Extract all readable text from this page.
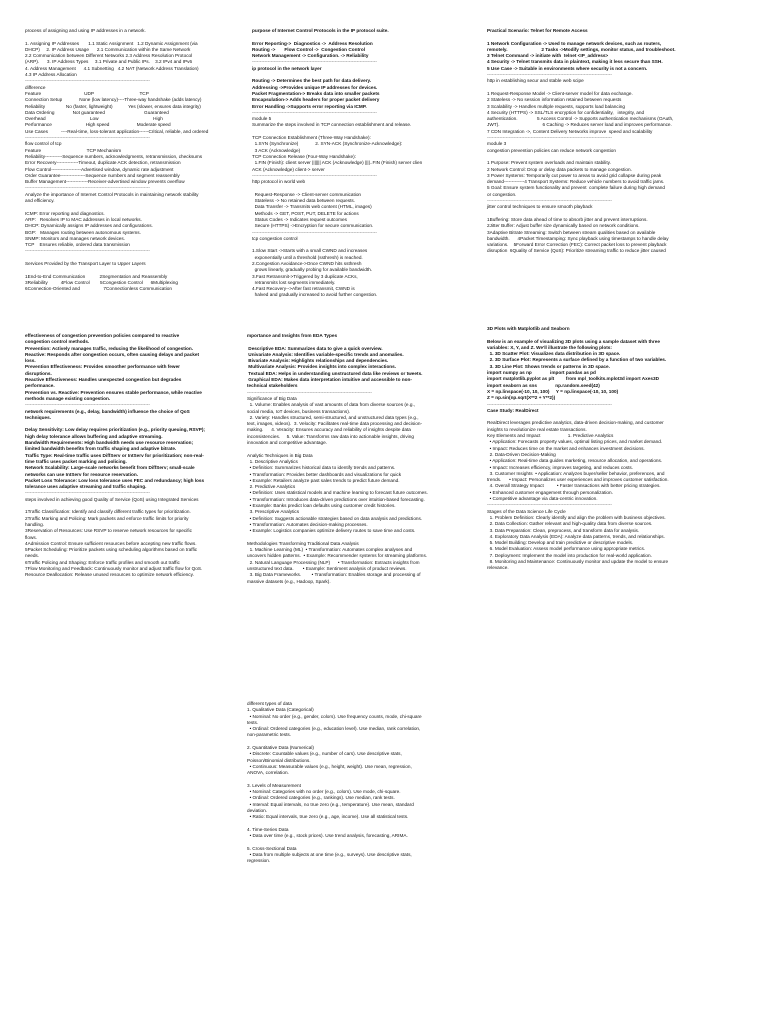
process of assigning and using IP addresses in a network.
1. Assigning IP Addresses       1.1 Static Assignment   1.2 Dynamic Assignment (via
DHCP)     2. IP Address Usage      2.1 Communication within the Same Network
2.2 Communication between Different Networks 2.3 Address Resolution Protocol
(ARP).      3. IP Address Types     3.1 Private and Public IPs.    3.2 IPv4 and IPv6
4. Address Management      4.1 Subnetting   4.2 NAT (Network Address Translation)
4.3 IP Address Allocation
--------------------------------------------------------------------------------
difference
Feature                                 UDP                                   TCP
Connection Setup             None (low latency)----Three-way handshake (adds latency)
Reliability                No (faster, lightweight)            Yes (slower, ensures data integrity)
Data Ordering              Not guaranteed                              Guaranteed
Overhead                                  Low                                          High
Performance                          High speed                     Moderate speed
Use Cases          ----Real-time, loss-tolerant application------Critical, reliable, and ordered
--------------------------------------------------------------------------------
flow control of tcp
Feature                                   TCP Mechanism
Reliability-----------Sequence numbers, acknowledgments, retransmission, checksums
Error Recovery--------------Timeout, duplicate ACK detection, retransmission
Flow Control-------------------Advertised window, dynamic rate adjustment
Order Guarantee----------------Sequence numbers and segment reassembly
Buffer Management--------------Receiver-advertised window prevents overflow
--------------------------------------------------------------------------------
Analyze the importance of Internet Control Protocols in maintaining network stability
and efficiency.
ICMP: Error reporting and diagnostics.
ARP:   Resolves IP to MAC addresses in local networks.
DHCP: Dynamically assigns IP addresses and configurations.
BGP:   Manages routing between autonomous systems.
SNMP: Monitors and manages network devices.
TCP    Ensures reliable, ordered data transmission
--------------------------------------------------------------------------------
Services Provided by the Transport Layer to Upper Layers
1End-to-End Communication           2Segmentation and Reassembly
3Reliability          4Flow Control        5Congestion Control      6Multiplexing
6Connection-Oriented and                  7Connectionless Communication
purpose of Internet Control Protocols in the IP protocol suite.
Error Reporting->  Diagnostics ->  Address Resolution
Routing ->       Flow Control ->  Congestion Control
Network Management -> Configuration. -> Reliability
--------------------------------------------------------------------------------
ip protocol in the network layer
Routing -> Determines the best path for data delivery.
Addressing ->Provides unique IP addresses for devices.
Packet Fragmentation-> Breaks data into smaller packets
Encapsulation-> Adds headers for proper packet delivery
Error Handling ->Supports error reporting via ICMP.
--------------------------------------------------------------------------------
module 5
Summarize the steps involved in TCP connection establishment and release.
TCP Connection Establishment (Three-Way Handshake):
1.SYN (Synchronize)             2. SYN-ACK (Synchronize-Acknowledge):
3 ACK (Acknowledge)
TCP Connection Release (Four-Way Handshake):
1.FIN (Finish): client server ||||||| ACK (Acknowledge) ||||..FIN (Finish) server clien
ACK (Acknowledge) client-> server
--------------------------------------------------------------------------------
http protocol in world web
Request-Response -> Client-server communication
Stateless -> No retained data between requests.
Data Transfer -> Transmits web content (HTML, images)
Methods -> GET, POST, PUT, DELETE for actions
Status Codes -> Indicates request outcomes
Secure (HTTPS) ->Encryption for secure communication.
--------------------------------------------------------------------------------
tcp congestion control
1.Slow Start ->Starts with a small CWND and increases
exponentially until a threshold (ssthresh) is reached.
2.Congestion Avoidance->Once CWND hits ssthresh
grows linearly, gradually probing for available bandwidth.
3.Fast Retransmit->Triggered by 3 duplicate ACKs,
retransmits lost segments immediately.
4.Fast Recovery-->After fast retransmit, CWND is
halved and gradually increased to avoid further congestion.
Practical Scenario: Telnet for Remote Access
1 Network Configuration -> Used to manage network devices, such as routers,
remotely.                          2 Tasks ->Modify settings, monitor status, and troubleshoot.
3 Telnet Command -> initiate with  telnet <IP_address>
4 Security -> Telnet transmits data in plaintext, making it less secure than SSH.
5 Use Case -> Suitable in environments where security is not a concern.
--------------------------------------------------------------------------------
http in establishing secur and stable web scipe
1 Request-Response Model -> Client-server model for data exchange.
2 Stateless -> No session information retained between requests
3 Scalability -> Handles multiple requests, supports load balancing
4 Security (HTTPS) -> SSL/TLS encryption for confidentiality,   integrity, and
authentication.               5 Access Control -> Supports authentication mechanisms (OAuth,
JWT).                                 6 Caching -> Reduces server load and improves performance.
7 CDN Integration ->, Content Delivery Networks improve  speed and scalability
--------------------------------------------------------------------------------
module 3
congestion prevention policies can reduce network congestion
1 Purpose: Prevent system overloads and maintain stability.
2 Network Control: Drop or delay data packets to manage congestion.
3 Power Systems: Temporarily cut power to areas to avoid grid collapse during peak
demand-------------4 Transport Systems: Reduce vehicle numbers to avoid traffic jams.
5 Goal: Ensure system functionality and prevent  complete failure during high demand
or congestion.
--------------------------------------------------------------------------------
jitter control techniques to ensure smooth playback
1Buffering: Store data ahead of time to absorb jitter and prevent interruptions.
2Jitter Buffer: Adjust buffer size dynamically based on network conditions.
3Adaptive Bitrate Streaming: Switch between stream qualities based on available
bandwidth.      4Packet Timestamping: Sync playback using timestamps to handle delay
variations.    5Forward Error Correction (FEC): Correct packet loss to prevent playback
disruption  6Quality of Service (QoS): Prioritize streaming traffic to reduce jitter caused
effectiveness of congestion prevention policies compared to reactive
congestion control methods.
Prevention: Actively manages traffic, reducing the likelihood of congestion.
Reactive: Responds after congestion occurs, often causing delays and packet
loss.
Prevention Effectiveness: Provides smoother performance with fewer
disruptions.
Reactive Effectiveness: Handles unexpected congestion but degrades
performance.
Prevention vs. Reactive: Prevention ensures stable performance, while reactive
methods manage existing congestion.
--------------------------------------------------------------------------------
network requirements (e.g., delay, bandwidth) influence the choice of QoS
techniques.
Delay Sensitivity: Low delay requires prioritization (e.g., priority queuing, RSVP);
high delay tolerance allows buffering and adaptive streaming.
Bandwidth Requirements: High bandwidth needs use resource reservation;
limited bandwidth benefits from traffic shaping and adaptive bitrate.
Traffic Type: Real-time traffic uses DiffServ or IntServ for prioritization; non-real-
time traffic uses packet marking and policing.
Network Scalability: Large-scale networks benefit from DiffServ; small-scale
networks can use IntServ for resource reservation.
Packet Loss Tolerance: Low loss tolerance uses FEC and redundancy; high loss
tolerance uses adaptive streaming and traffic shaping.
--------------------------------------------------------------------------------
steps involved in achieving good Quality of Service (QoS) using Integrated Services
1Traffic Classification: Identify and classify different traffic types for prioritization.
2Traffic Marking and Policing: Mark packets and enforce traffic limits for priority
handling.
3Reservation of Resources: Use RSVP to reserve network resources for specific
flows.
4Admission Control: Ensure sufficient resources before accepting new traffic flows.
5Packet Scheduling: Prioritize packets using scheduling algorithms based on traffic
needs.
6Traffic Policing and Shaping: Enforce traffic profiles and smooth out traffic
7Flow Monitoring and Feedback: Continuously monitor and adjust traffic flow for QoS.
Resource Deallocation: Release unused resources to optimize network efficiency.
mportance and Insights from EDA Types
Descriptive EDA: Summarizes data to give a quick overview.
Univariate Analysis: Identifies variable-specific trends and anomalies.
Bivariate Analysis: Highlights relationships and dependencies.
Multivariate Analysis: Provides insights into complex interactions.
Textual EDA: Helps in understanding unstructured data like reviews or tweets.
Graphical EDA: Makes data interpretation intuitive and accessible to non-
technical stakeholders
--------------------------------------------------------------------------------
Significance of Big Data
1. Volume: Enables analysis of vast amounts of data from diverse sources (e.g.,
social media, IoT devices, business transactions).
2. Variety: Handles structured, semi-structured, and unstructured data types (e.g.,
text, images, videos).  3. Velocity: Facilitates real-time data processing and decision-
making.      4. Veracity: Ensures accuracy and reliability of insights despite data
inconsistencies.     5. Value: Transforms raw data into actionable insights, driving
innovation and competitive advantage.
Analytic Techniques in Big Data
1. Descriptive Analytics
• Definition: Summarizes historical data to identify trends and patterns.
• Transformation: Provides better dashboards and visualizations for quick
• Example: Retailers analyze past sales trends to predict future demand.
2. Predictive Analytics
• Definition: Uses statistical models and machine learning to forecast future outcomes.
• Transformation: Introduces data-driven predictions over intuition-based forecasting.
• Example: Banks predict loan defaults using customer credit histories.
3. Prescriptive Analytics
• Definition: Suggests actionable strategies based on data analysis and predictions.
• Transformation: Automates decision-making processes.
• Example: Logistics companies optimize delivery routes to save time and costs.
Methodologies Transforming Traditional Data Analysis
1. Machine Learning (ML)  • Transformation: Automates complex analyses and
uncovers hidden patterns.  • Example: Recommender systems for streaming platforms.
2. Natural Language Processing (NLP)      • Transformation: Extracts insights from
unstructured text data.       • Example: Sentiment analysis of product reviews.
3. Big Data Frameworks.        • Transformation: Enables storage and processing of
massive datasets (e.g., Hadoop, Spark).
3D Plots with Matplotlib and Seaborn
Below is an example of visualizing 3D plots using a sample dataset with three
variables: X, Y, and Z. We'll illustrate the following plots:
1. 3D Scatter Plot: Visualizes data distribution in 3D space.
2. 3D Surface Plot: Represents a surface defined by a function of two variables.
3. 3D Line Plot: Shows trends or patterns in 3D space.
import numpy as np              import pandas as pd
import matplotlib.pyplot as plt         from mpl_toolkits.mplot3d import Axes3D
import seaborn as sns              np.random.seed(42)
X = np.linspace(-10, 10, 100)     Y = np.linspace(-10, 10, 100)
Z = np.sin(np.sqrt(X**2 + Y**2))
--------------------------------------------------------------------------------
Case Study: RealDirect
RealDirect leverages predictive analytics, data-driven decision-making, and customer
insights to revolutionize real estate transactions.
Key Elements and Impact                     1. Predictive Analytics
• Application: Forecasts property values, optimal listing prices, and market demand.
• Impact: Reduces time on the market and enhances investment decisions.
2. Data-Driven Decision-Making
• Application: Real-time data guides marketing, resource allocation, and operations.
• Impact: Increases efficiency, improves targeting, and reduces costs.
3. Customer Insights  • Application: Analyzes buyer/seller behavior, preferences, and
trends.      • Impact: Personalizes user experiences and improves customer satisfaction.
4. Overall Strategy Impact          • Faster transactions with better pricing strategies.
• Enhanced customer engagement through personalization.
• Competitive advantage via data-centric innovation.
--------------------------------------------------------------------------------
Stages of the Data Science Life Cycle
1. Problem Definition: Clearly identify and align the problem with business objectives.
2. Data Collection: Gather relevant and high-quality data from diverse sources.
3. Data Preparation: Clean, preprocess, and transform data for analysis.
4. Exploratory Data Analysis (EDA): Analyze data patterns, trends, and relationships.
5. Model Building: Develop and train predictive or descriptive models.
6. Model Evaluation: Assess model performance using appropriate metrics.
7. Deployment: Implement the model into production for real-world application.
8. Monitoring and Maintenance: Continuously monitor and update the model to ensure
relevance.
different types of data
1. Qualitative Data (Categorical)
• Nominal: No order (e.g., gender, colors). Use frequency counts, mode, chi-square
tests.
• Ordinal: Ordered categories (e.g., education level). Use median, rank correlation,
non-parametric tests.
2. Quantitative Data (Numerical)
• Discrete: Countable values (e.g., number of cars). Use descriptive stats,
Poisson/Binomial distributions.
• Continuous: Measurable values (e.g., height, weight). Use mean, regression,
ANOVA, correlation.
3. Levels of Measurement
• Nominal: Categories with no order (e.g., colors). Use mode, chi-square.
• Ordinal: Ordered categories (e.g., rankings). Use median, rank tests.
• Interval: Equal intervals, no true zero (e.g., temperature). Use mean, standard
deviation.
• Ratio: Equal intervals, true zero (e.g., age, income). Use all statistical tests.
4. Time-Series Data
• Data over time (e.g., stock prices). Use trend analysis, forecasting, ARIMA.
5. Cross-Sectional Data
• Data from multiple subjects at one time (e.g., surveys). Use descriptive stats,
regression.
